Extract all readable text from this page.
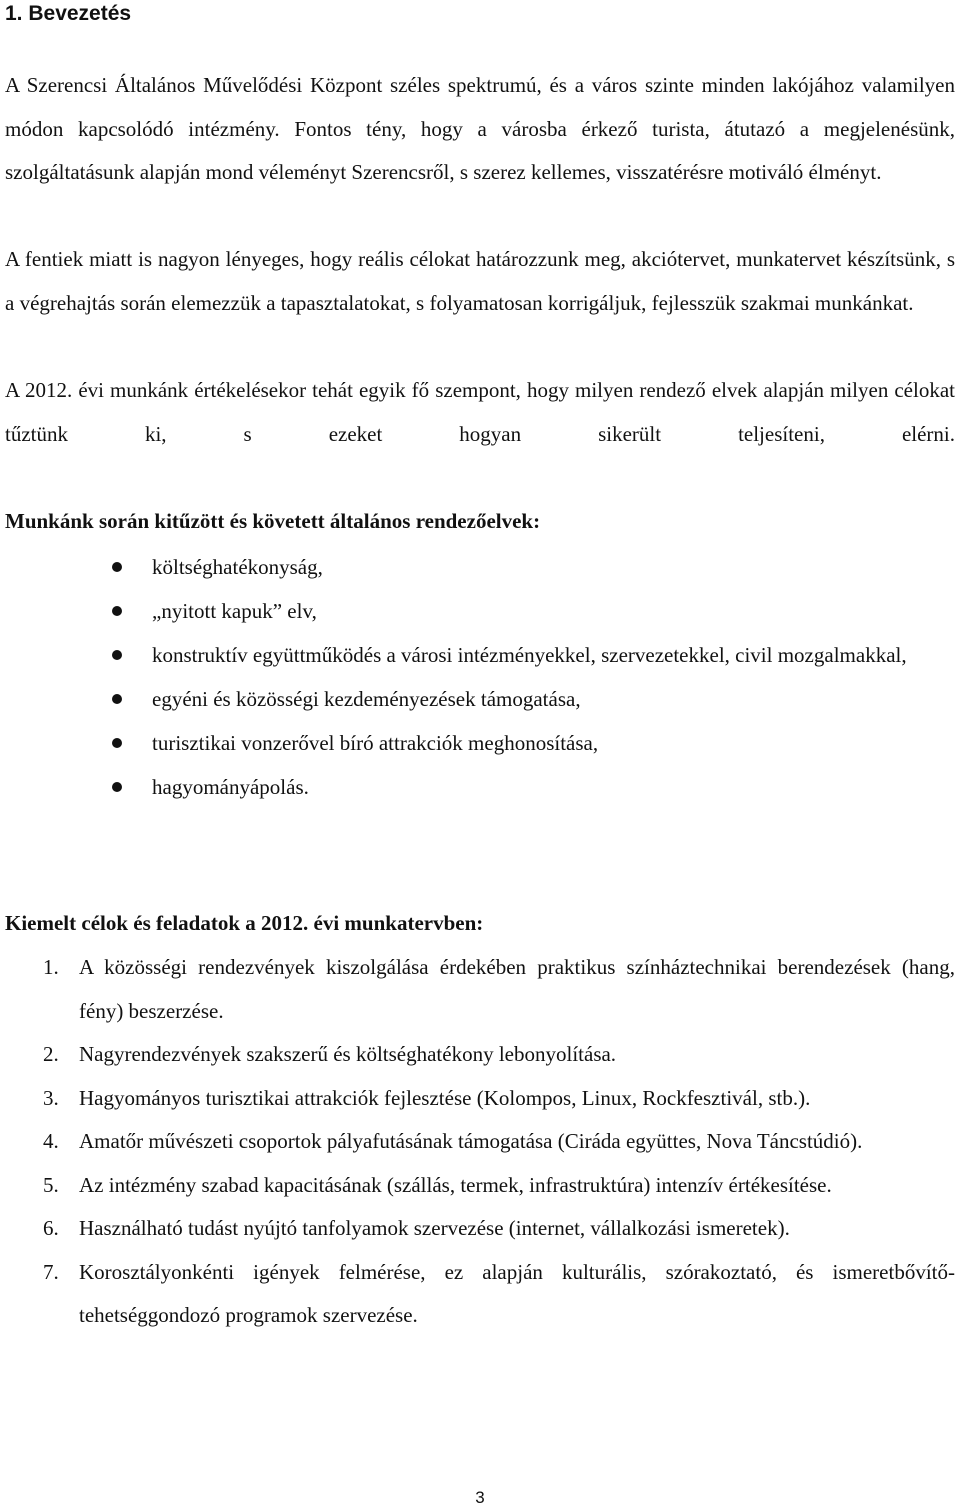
1. Bevezetés

A Szerencsi Általános Művelődési Központ széles spektrumú, és a város szinte minden lakójához valamilyen módon kapcsolódó intézmény. Fontos tény, hogy a városba érkező turista, átutazó a megjelenésünk, szolgáltatásunk alapján mond véleményt Szerencsről, s szerez kellemes, visszatérésre motiváló élményt.

A fentiek miatt is nagyon lényeges, hogy reális célokat határozzunk meg, akciótervet, munkatervet készítsünk, s a végrehajtás során elemezzük a tapasztalatokat, s folyamatosan korrigáljuk, fejlesszük szakmai munkánkat.

A 2012. évi munkánk értékelésekor tehát egyik fő szempont, hogy milyen rendező elvek alapján milyen célokat tűztünk ki, s ezeket hogyan sikerült teljesíteni, elérni.

Munkánk során kitűzött és követett általános rendezőelvek:
költséghatékonyság,
„nyitott kapuk” elv,
konstruktív együttműködés a városi intézményekkel, szervezetekkel, civil mozgalmakkal,
egyéni és közösségi kezdeményezések támogatása,
turisztikai vonzerővel bíró attrakciók meghonosítása,
hagyományápolás.
Kiemelt célok és feladatok a 2012. évi munkatervben:
1. A közösségi rendezvények kiszolgálása érdekében praktikus színháztechnikai berendezések (hang, fény) beszerzése.
2. Nagyrendezvények szakszerű és költséghatékony lebonyolítása.
3. Hagyományos turisztikai attrakciók fejlesztése (Kolompos, Linux, Rockfesztivál, stb.).
4. Amatőr művészeti csoportok pályafutásának támogatása (Cirádа együttes, Nova Táncstúdió).
5. Az intézmény szabad kapacitásának (szállás, termek, infrastruktúra) intenzív értékesítése.
6. Használható tudást nyújtó tanfolyamok szervezése (internet, vállalkozási ismeretek).
7. Korosztályonkénti igények felmérése, ez alapján kulturális, szórakoztató, és ismeretbővítő-tehetséggondozó programok szervezése.
3
